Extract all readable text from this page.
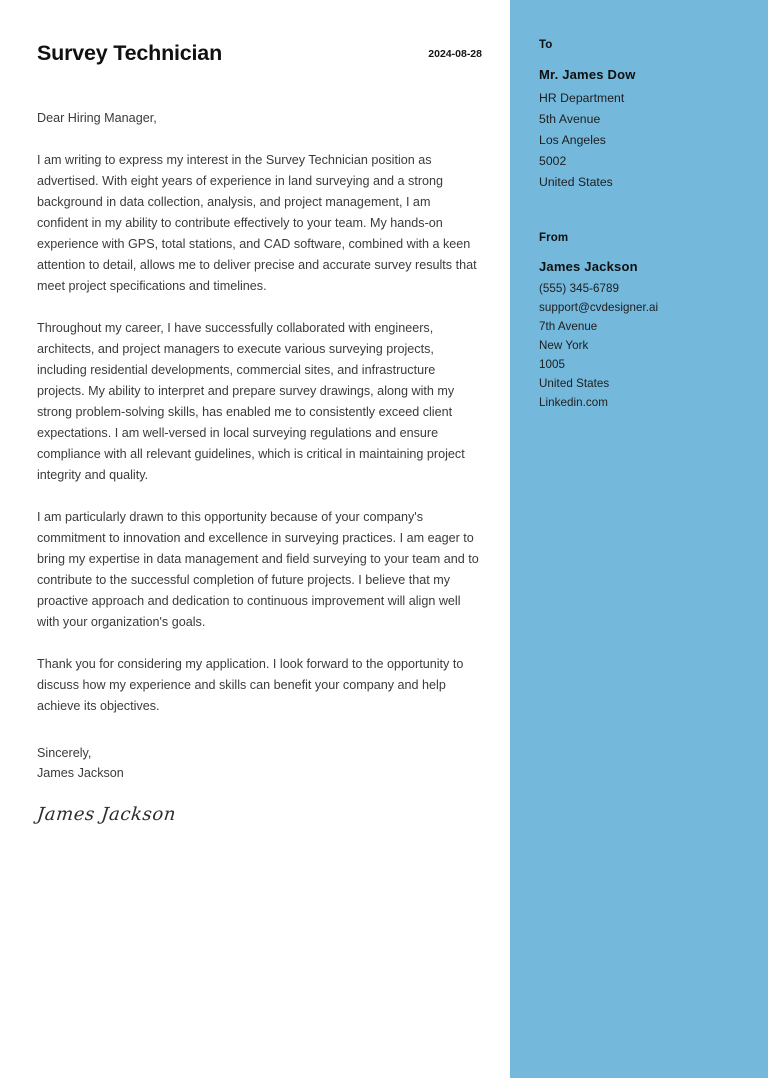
Survey Technician	2024-08-28
Dear Hiring Manager,

I am writing to express my interest in the Survey Technician position as advertised. With eight years of experience in land surveying and a strong background in data collection, analysis, and project management, I am confident in my ability to contribute effectively to your team. My hands-on experience with GPS, total stations, and CAD software, combined with a keen attention to detail, allows me to deliver precise and accurate survey results that meet project specifications and timelines.

Throughout my career, I have successfully collaborated with engineers, architects, and project managers to execute various surveying projects, including residential developments, commercial sites, and infrastructure projects. My ability to interpret and prepare survey drawings, along with my strong problem-solving skills, has enabled me to consistently exceed client expectations. I am well-versed in local surveying regulations and ensure compliance with all relevant guidelines, which is critical in maintaining project integrity and quality.

I am particularly drawn to this opportunity because of your company's commitment to innovation and excellence in surveying practices. I am eager to bring my expertise in data management and field surveying to your team and to contribute to the successful completion of future projects. I believe that my proactive approach and dedication to continuous improvement will align well with your organization's goals.

Thank you for considering my application. I look forward to the opportunity to discuss how my experience and skills can benefit your company and help achieve its objectives.

Sincerely,
James Jackson
James Jackson
To
Mr. James Dow
HR Department
5th Avenue
Los Angeles
5002
United States
From
James Jackson
(555) 345-6789
support@cvdesigner.ai
7th Avenue
New York
1005
United States
Linkedin.com
